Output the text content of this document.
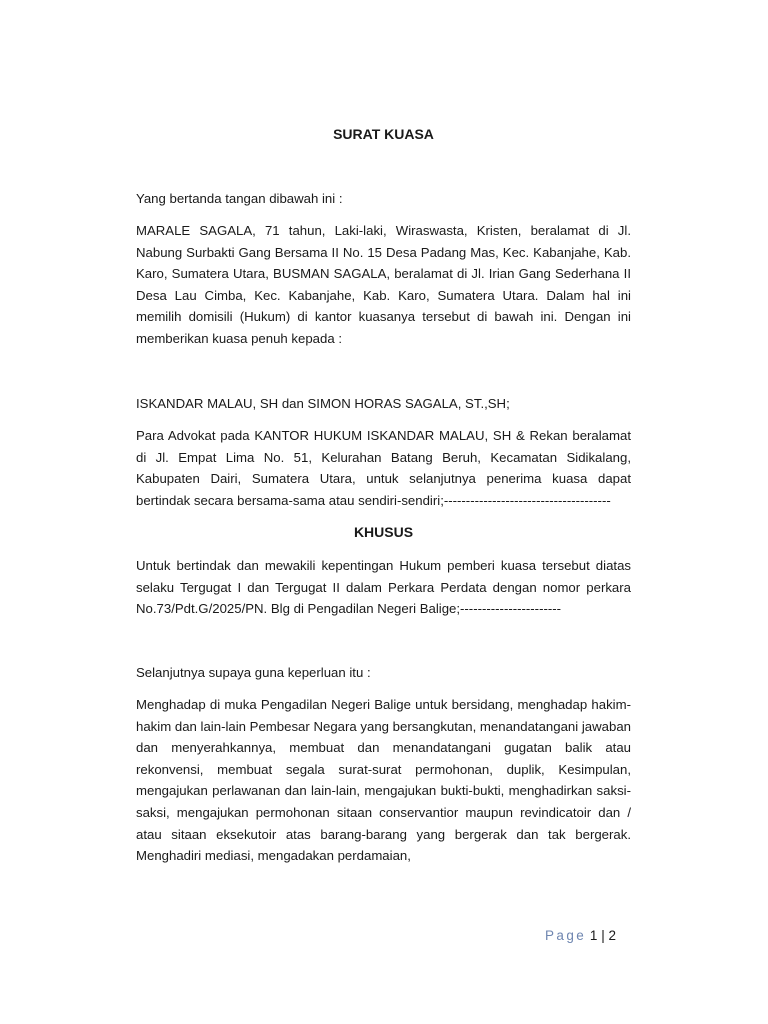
SURAT KUASA

Yang bertanda tangan dibawah ini :

MARALE SAGALA, 71 tahun, Laki-laki, Wiraswasta, Kristen, beralamat di Jl. Nabung Surbakti Gang Bersama II No. 15 Desa Padang Mas, Kec. Kabanjahe, Kab. Karo, Sumatera Utara, BUSMAN SAGALA, beralamat di Jl. Irian Gang Sederhana II Desa Lau Cimba, Kec. Kabanjahe, Kab. Karo, Sumatera Utara. Dalam hal ini memilih domisili (Hukum) di kantor kuasanya tersebut di bawah ini. Dengan ini memberikan kuasa penuh kepada :

ISKANDAR MALAU, SH dan SIMON HORAS SAGALA, ST.,SH;

Para Advokat pada KANTOR HUKUM ISKANDAR MALAU, SH & Rekan beralamat di Jl. Empat Lima No. 51, Kelurahan Batang Beruh, Kecamatan Sidikalang, Kabupaten Dairi, Sumatera Utara, untuk selanjutnya penerima kuasa dapat bertindak secara bersama-sama atau sendiri-sendiri;--------------------------------------

KHUSUS

Untuk bertindak dan mewakili kepentingan Hukum pemberi kuasa tersebut diatas selaku Tergugat I dan Tergugat II dalam Perkara Perdata dengan nomor perkara No.73/Pdt.G/2025/PN. Blg di Pengadilan Negeri Balige;-----------------------

Selanjutnya supaya guna keperluan itu :

Menghadap di muka Pengadilan Negeri Balige untuk bersidang, menghadap hakim-hakim dan lain-lain Pembesar Negara yang bersangkutan, menandatangani jawaban dan menyerahkannya, membuat dan menandatangani gugatan balik atau rekonvensi, membuat segala surat-surat permohonan, duplik, Kesimpulan, mengajukan perlawanan dan lain-lain, mengajukan bukti-bukti, menghadirkan saksi-saksi, mengajukan permohonan sitaan conservantior maupun revindicatoir dan / atau sitaan eksekutoir atas barang-barang yang bergerak dan tak bergerak. Menghadiri mediasi, mengadakan perdamaian,

Page 1 | 2
